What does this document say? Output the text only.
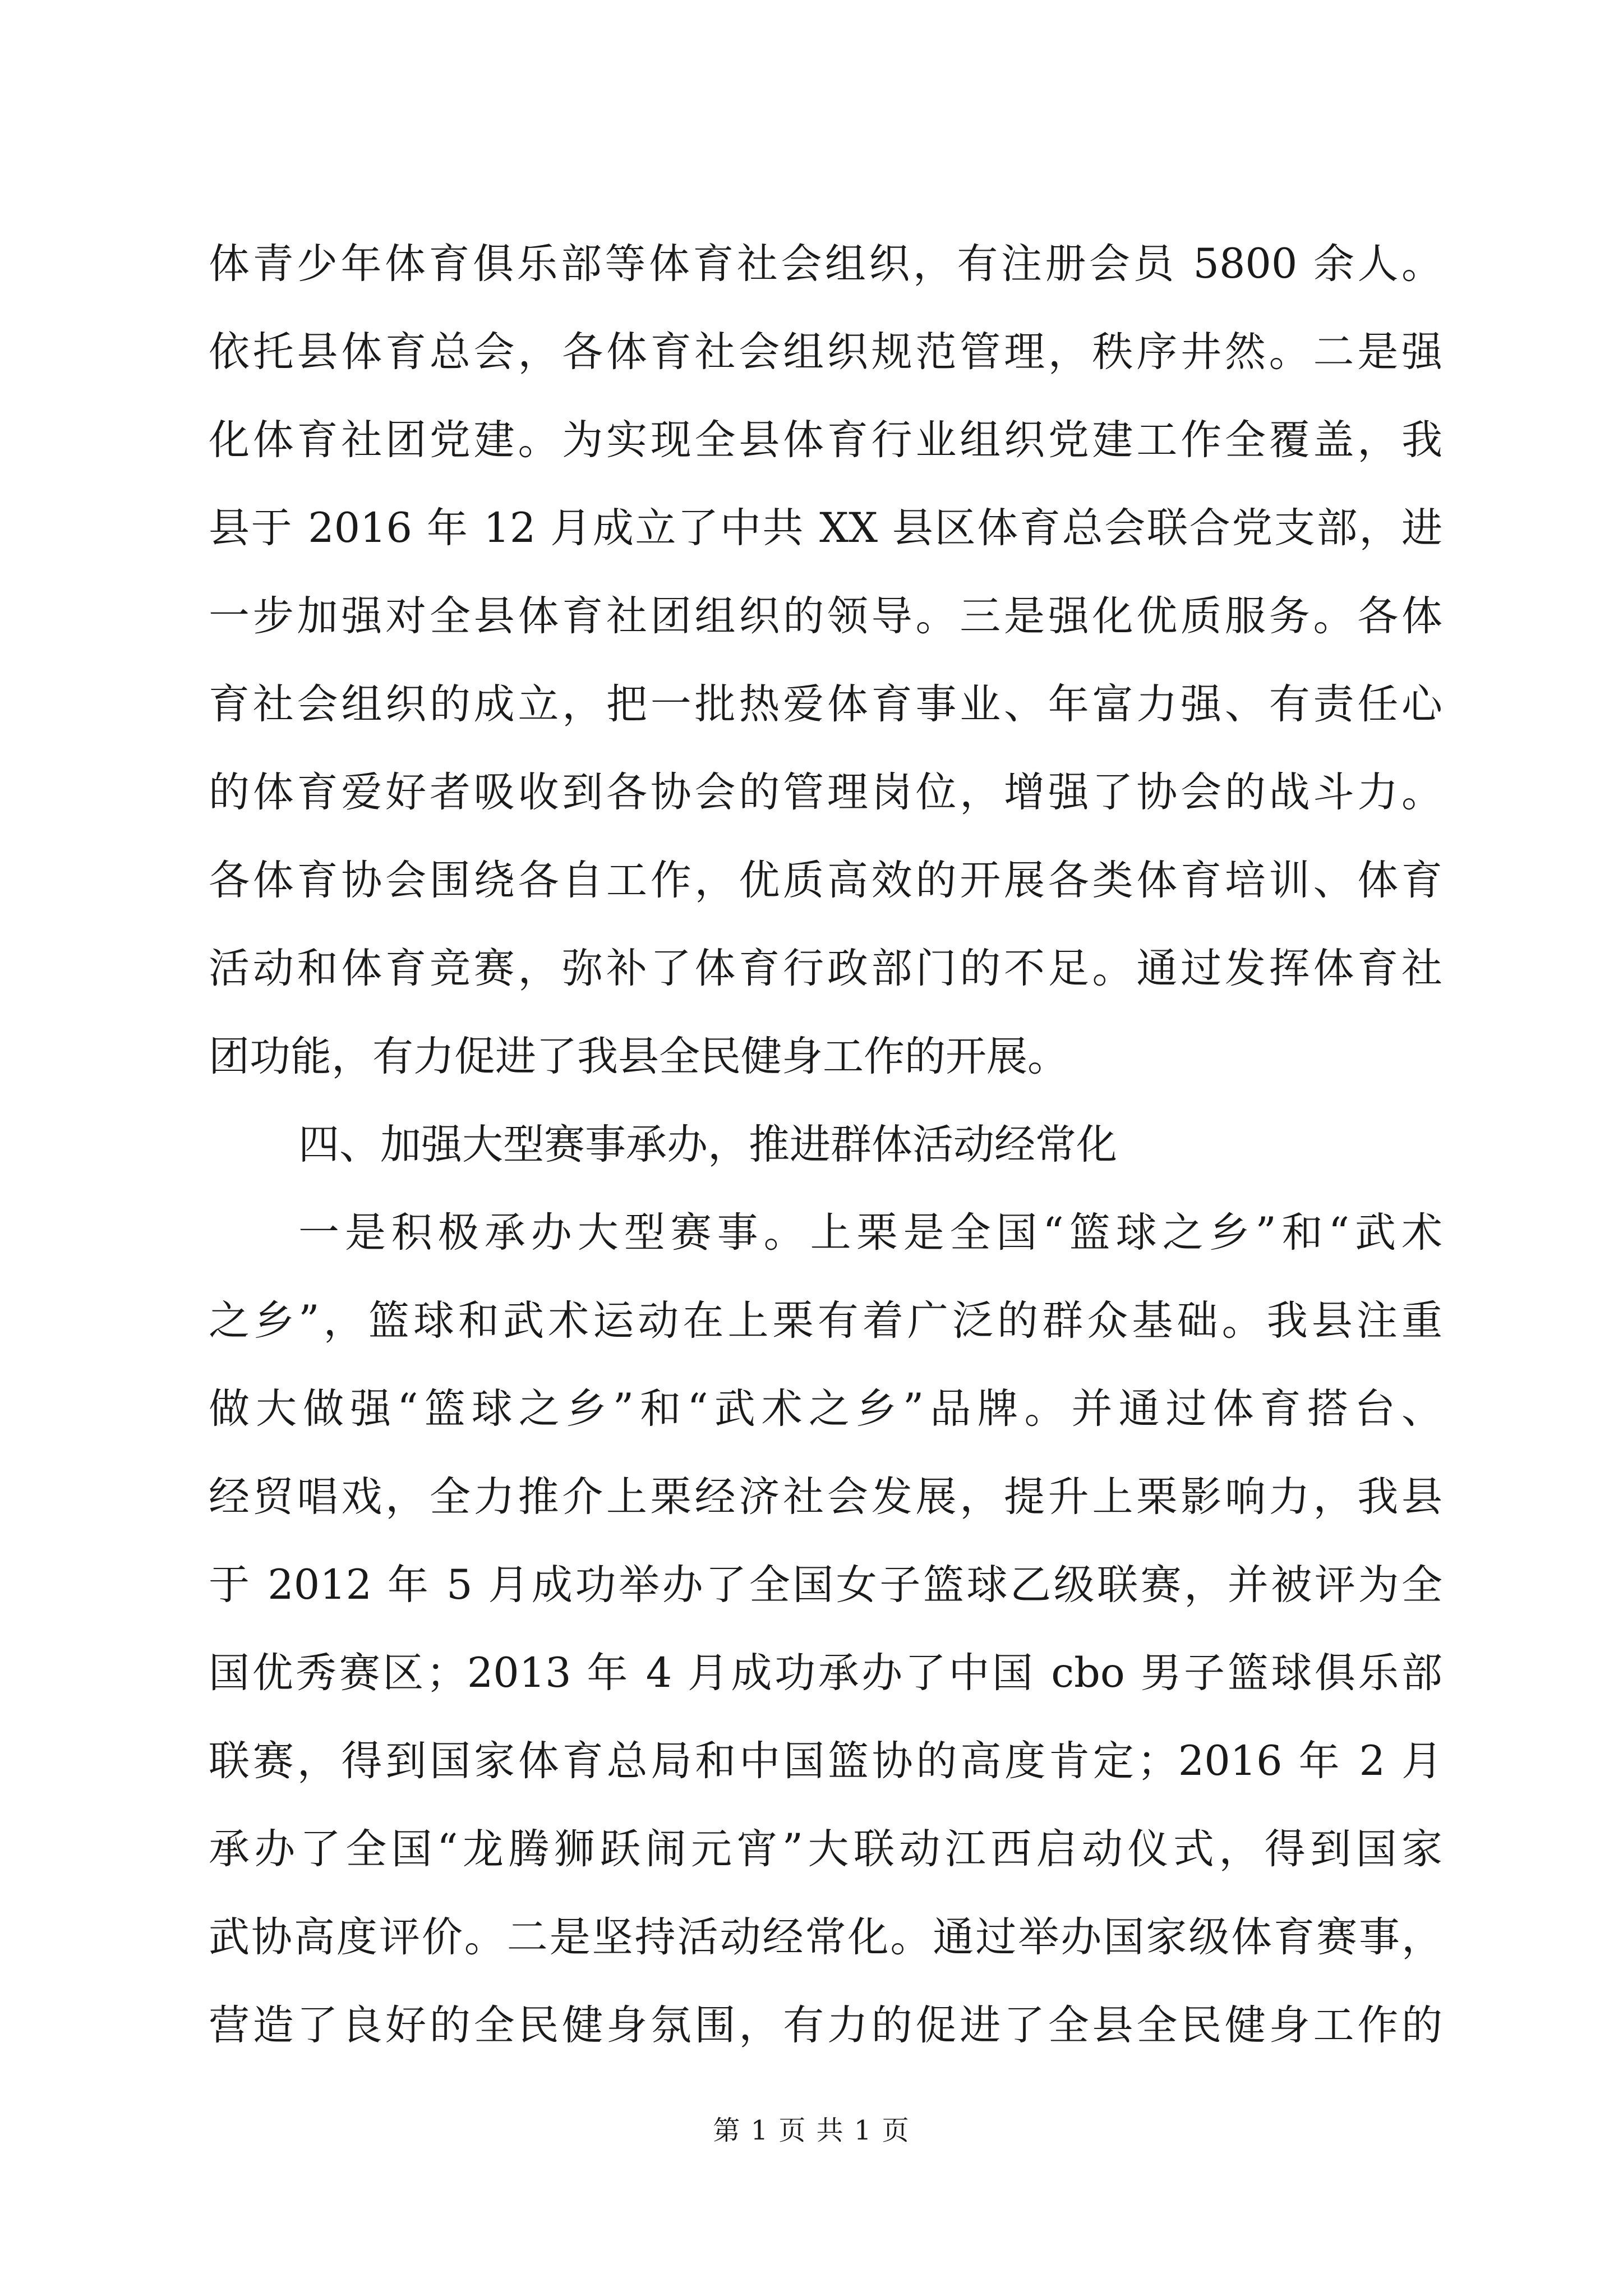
体青少年体育俱乐部等体育社会组织，有注册会员 5800 余人。
依托县体育总会，各体育社会组织规范管理，秩序井然。二是强
化体育社团党建。为实现全县体育行业组织党建工作全覆盖，我
县于 2016 年 12 月成立了中共 XX 县区体育总会联合党支部，进
一步加强对全县体育社团组织的领导。三是强化优质服务。各体
育社会组织的成立，把一批热爱体育事业、年富力强、有责任心
的体育爱好者吸收到各协会的管理岗位，增强了协会的战斗力。
各体育协会围绕各自工作，优质高效的开展各类体育培训、体育
活动和体育竞赛，弥补了体育行政部门的不足。通过发挥体育社
团功能，有力促进了我县全民健身工作的开展。
四、加强大型赛事承办，推进群体活动经常化
一是积极承办大型赛事。上栗是全国“篮球之乡”和“武术
之乡”，篮球和武术运动在上栗有着广泛的群众基础。我县注重
做大做强“篮球之乡”和“武术之乡”品牌。并通过体育搭台、
经贸唱戏，全力推介上栗经济社会发展，提升上栗影响力，我县
于 2012 年 5 月成功举办了全国女子篮球乙级联赛，并被评为全
国优秀赛区；2013 年 4 月成功承办了中国 cbo 男子篮球俱乐部
联赛，得到国家体育总局和中国篮协的高度肯定；2016 年 2 月
承办了全国“龙腾狮跃闹元宵”大联动江西启动仪式，得到国家
武协高度评价。二是坚持活动经常化。通过举办国家级体育赛事，
营造了良好的全民健身氛围，有力的促进了全县全民健身工作的
第 1 页 共 1 页
